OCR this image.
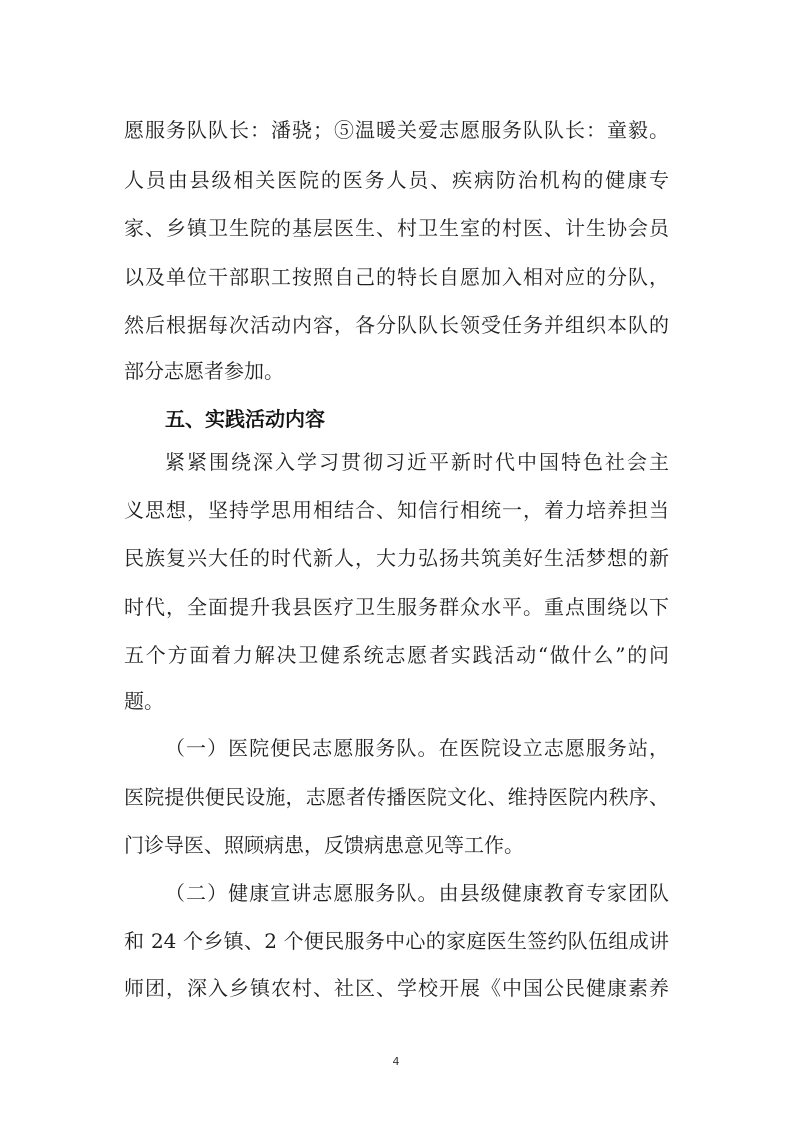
愿服务队队长：潘骁；⑤温暖关爱志愿服务队队长：童毅。
人员由县级相关医院的医务人员、疾病防治机构的健康专
家、乡镇卫生院的基层医生、村卫生室的村医、计生协会员
以及单位干部职工按照自己的特长自愿加入相对应的分队，
然后根据每次活动内容，各分队队长领受任务并组织本队的
部分志愿者参加。
五、实践活动内容
紧紧围绕深入学习贯彻习近平新时代中国特色社会主
义思想，坚持学思用相结合、知信行相统一，着力培养担当
民族复兴大任的时代新人，大力弘扬共筑美好生活梦想的新
时代，全面提升我县医疗卫生服务群众水平。重点围绕以下
五个方面着力解决卫健系统志愿者实践活动“做什么”的问
题。
（一）医院便民志愿服务队。在医院设立志愿服务站，
医院提供便民设施，志愿者传播医院文化、维持医院内秩序、
门诊导医、照顾病患，反馈病患意见等工作。
（二）健康宣讲志愿服务队。由县级健康教育专家团队
和 24 个乡镇、2 个便民服务中心的家庭医生签约队伍组成讲
师团，深入乡镇农村、社区、学校开展《中国公民健康素养
4
